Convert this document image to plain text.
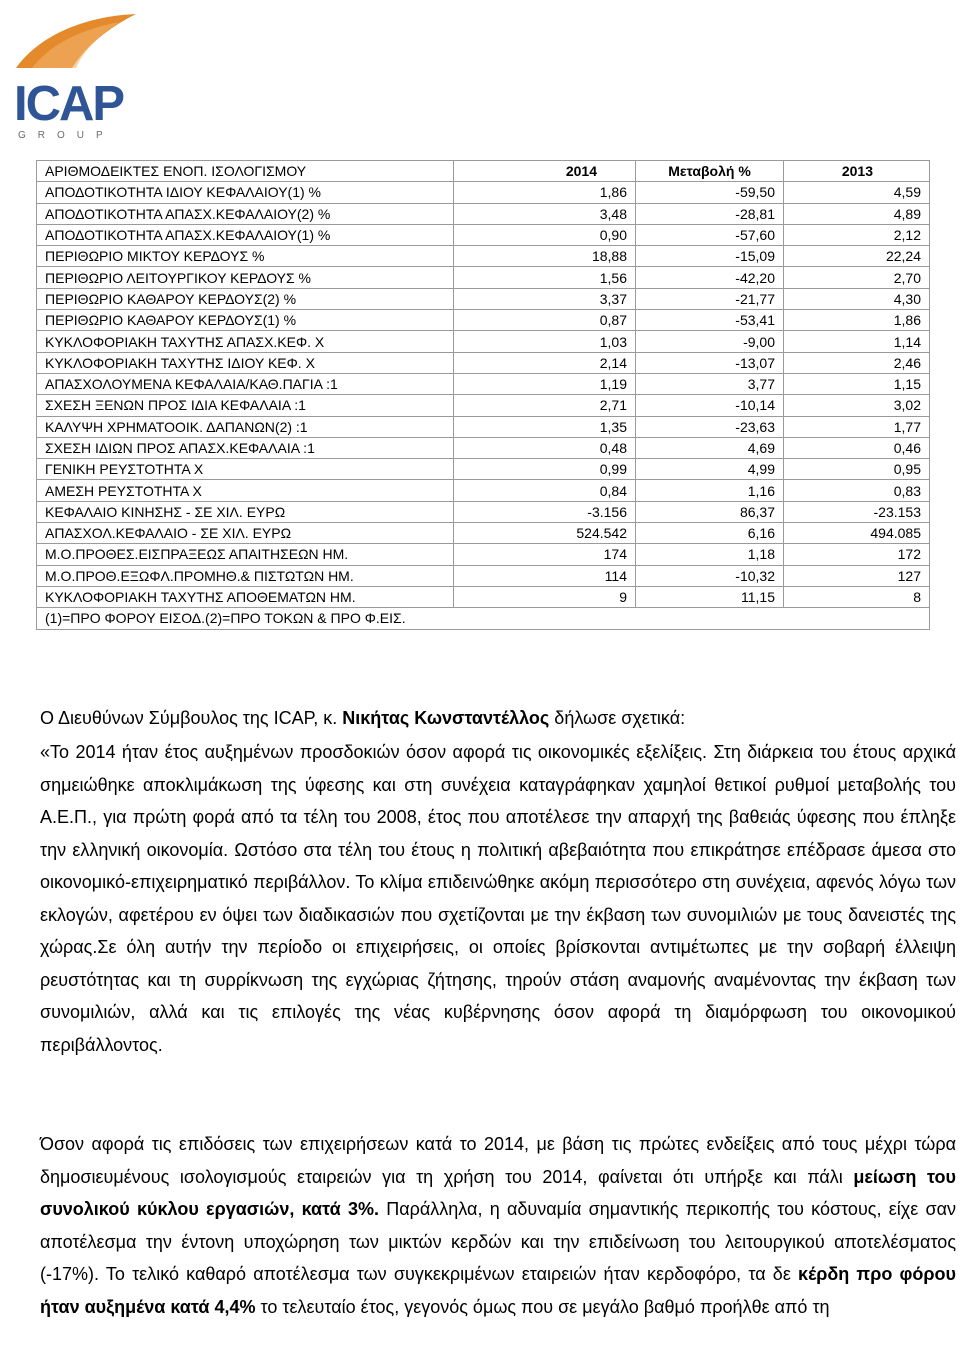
ICAP
GROUP
ΑΡΙΘΜΟΔΕΙΚΤΕΣ ΕΝΟΠ. ΙΣΟΛΟΓΙΣΜΟΥ	2014	Μεταβολή %	2013
ΑΠΟΔΟΤΙΚΟΤΗΤΑ ΙΔΙΟΥ ΚΕΦΑΛΑΙΟΥ(1) %	1,86	-59,50	4,59
ΑΠΟΔΟΤΙΚΟΤΗΤΑ ΑΠΑΣΧ.ΚΕΦΑΛΑΙΟΥ(2) %	3,48	-28,81	4,89
ΑΠΟΔΟΤΙΚΟΤΗΤΑ ΑΠΑΣΧ.ΚΕΦΑΛΑΙΟΥ(1) %	0,90	-57,60	2,12
ΠΕΡΙΘΩΡΙΟ ΜΙΚΤΟΥ ΚΕΡΔΟΥΣ %	18,88	-15,09	22,24
ΠΕΡΙΘΩΡΙΟ ΛΕΙΤΟΥΡΓΙΚΟΥ ΚΕΡΔΟΥΣ %	1,56	-42,20	2,70
ΠΕΡΙΘΩΡΙΟ ΚΑΘΑΡΟΥ ΚΕΡΔΟΥΣ(2) %	3,37	-21,77	4,30
ΠΕΡΙΘΩΡΙΟ ΚΑΘΑΡΟΥ ΚΕΡΔΟΥΣ(1) %	0,87	-53,41	1,86
ΚΥΚΛΟΦΟΡΙΑΚΗ ΤΑΧΥΤΗΣ ΑΠΑΣΧ.ΚΕΦ. Χ	1,03	-9,00	1,14
ΚΥΚΛΟΦΟΡΙΑΚΗ ΤΑΧΥΤΗΣ ΙΔΙΟΥ ΚΕΦ. Χ	2,14	-13,07	2,46
ΑΠΑΣΧΟΛΟΥΜΕΝΑ ΚΕΦΑΛΑΙΑ/ΚΑΘ.ΠΑΓΙΑ :1	1,19	3,77	1,15
ΣΧΕΣΗ ΞΕΝΩΝ ΠΡΟΣ ΙΔΙΑ ΚΕΦΑΛΑΙΑ :1	2,71	-10,14	3,02
ΚΑΛΥΨΗ ΧΡΗΜΑΤΟΟΙΚ. ΔΑΠΑΝΩΝ(2) :1	1,35	-23,63	1,77
ΣΧΕΣΗ ΙΔΙΩΝ ΠΡΟΣ ΑΠΑΣΧ.ΚΕΦΑΛΑΙΑ :1	0,48	4,69	0,46
ΓΕΝΙΚΗ ΡΕΥΣΤΟΤΗΤΑ Χ	0,99	4,99	0,95
ΑΜΕΣΗ ΡΕΥΣΤΟΤΗΤΑ Χ	0,84	1,16	0,83
ΚΕΦΑΛΑΙΟ ΚΙΝΗΣΗΣ - ΣΕ ΧΙΛ. ΕΥΡΩ	-3.156	86,37	-23.153
ΑΠΑΣΧΟΛ.ΚΕΦΑΛΑΙΟ - ΣΕ ΧΙΛ. ΕΥΡΩ	524.542	6,16	494.085
Μ.Ο.ΠΡΟΘΕΣ.ΕΙΣΠΡΑΞΕΩΣ ΑΠΑΙΤΗΣΕΩΝ ΗΜ.	174	1,18	172
Μ.Ο.ΠΡΟΘ.ΕΞΩΦΛ.ΠΡΟΜΗΘ.& ΠΙΣΤΩΤΩΝ ΗΜ.	114	-10,32	127
ΚΥΚΛΟΦΟΡΙΑΚΗ ΤΑΧΥΤΗΣ ΑΠΟΘΕΜΑΤΩΝ ΗΜ.	9	11,15	8
(1)=ΠΡΟ ΦΟΡΟΥ ΕΙΣΟΔ.(2)=ΠΡΟ ΤΟΚΩΝ & ΠΡΟ Φ.ΕΙΣ.			

Ο Διευθύνων Σύμβουλος της ICAP, κ. Νικήτας Κωνσταντέλλος δήλωσε σχετικά:

«Το 2014 ήταν έτος αυξημένων προσδοκιών όσον αφορά τις οικονομικές εξελίξεις. Στη διάρκεια του έτους αρχικά σημειώθηκε αποκλιμάκωση της ύφεσης και στη συνέχεια καταγράφηκαν χαμηλοί θετικοί ρυθμοί μεταβολής του Α.Ε.Π., για πρώτη φορά από τα τέλη του 2008, έτος που αποτέλεσε την απαρχή της βαθειάς ύφεσης που έπληξε την ελληνική οικονομία. Ωστόσο στα τέλη του έτους η πολιτική αβεβαιότητα που επικράτησε επέδρασε άμεσα στο οικονομικό-επιχειρηματικό περιβάλλον. Το κλίμα επιδεινώθηκε ακόμη περισσότερο στη συνέχεια, αφενός λόγω των εκλογών, αφετέρου εν όψει των διαδικασιών που σχετίζονται με την έκβαση των συνομιλιών με τους δανειστές της χώρας.Σε όλη αυτήν την περίοδο οι επιχειρήσεις, οι οποίες βρίσκονται αντιμέτωπες με την σοβαρή έλλειψη ρευστότητας και τη συρρίκνωση της εγχώριας ζήτησης, τηρούν στάση αναμονής αναμένοντας την έκβαση των συνομιλιών, αλλά και τις επιλογές της νέας κυβέρνησης όσον αφορά τη διαμόρφωση του οικονομικού περιβάλλοντος.

Όσον αφορά τις επιδόσεις των επιχειρήσεων κατά το 2014, με βάση τις πρώτες ενδείξεις από τους μέχρι τώρα δημοσιευμένους ισολογισμούς εταιρειών για τη χρήση του 2014, φαίνεται ότι υπήρξε και πάλι μείωση του συνολικού κύκλου εργασιών, κατά 3%. Παράλληλα, η αδυναμία σημαντικής περικοπής του κόστους, είχε σαν αποτέλεσμα την έντονη υποχώρηση των μικτών κερδών και την επιδείνωση του λειτουργικού αποτελέσματος (-17%). Το τελικό καθαρό αποτέλεσμα των συγκεκριμένων εταιρειών ήταν κερδοφόρο, τα δε κέρδη προ φόρου ήταν αυξημένα κατά 4,4% το τελευταίο έτος, γεγονός όμως που σε μεγάλο βαθμό προήλθε από τη
